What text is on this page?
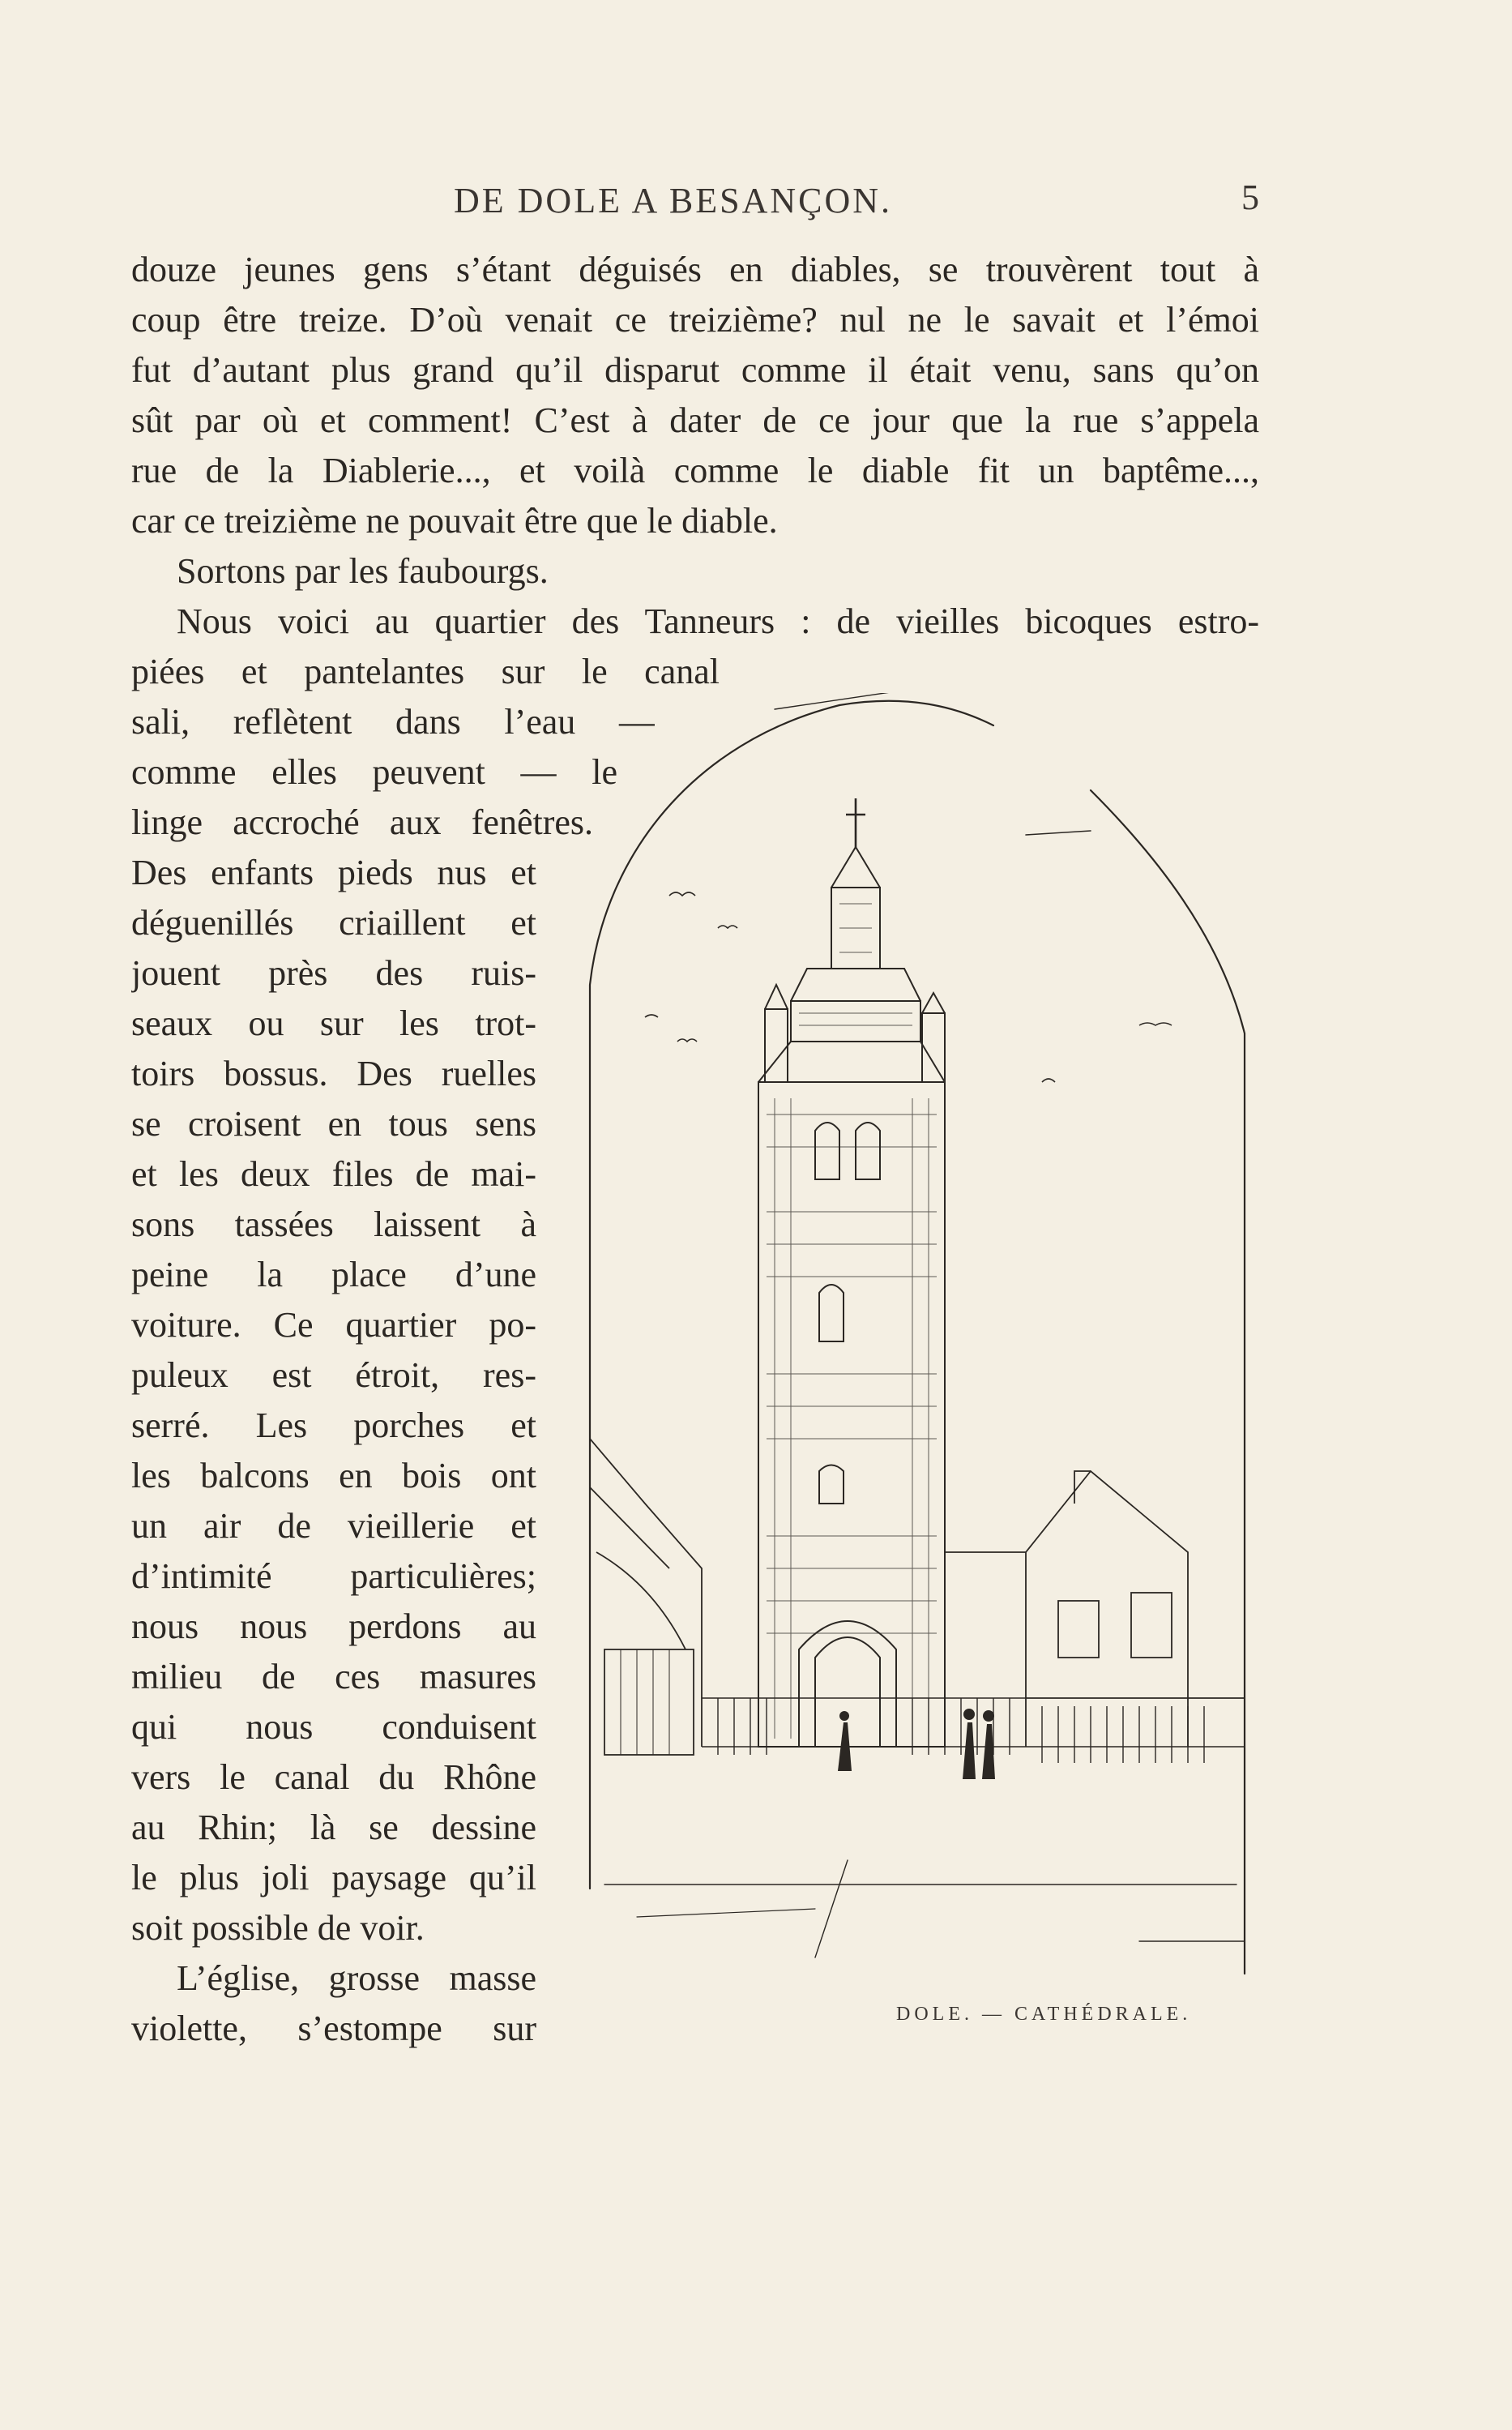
DE DOLE A BESANÇON.	5
douze jeunes gens s’étant déguisés en diables, se trouvèrent tout à
coup être treize. D’où venait ce treizième? nul ne le savait et l’émoi
fut d’autant plus grand qu’il disparut comme il était venu, sans qu’on
sût par où et comment! C’est à dater de ce jour que la rue s’appela
rue de la Diablerie..., et voilà comme le diable fit un baptême...,
car ce treizième ne pouvait être que le diable.
Sortons par les faubourgs.
Nous voici au quartier des Tanneurs : de vieilles bicoques estro-
piées et pantelantes sur le canal
sali, reflètent dans l’eau —
comme elles peuvent — le
linge accroché aux fenêtres.
Des enfants pieds nus et
déguenillés criaillent et
jouent près des ruis-
seaux ou sur les trot-
toirs bossus. Des ruelles
se croisent en tous sens
et les deux files de mai-
sons tassées laissent à
peine la place d’une
voiture. Ce quartier po-
puleux est étroit, res-
serré. Les porches et
les balcons en bois ont
un air de vieillerie et
d’intimité particulières;
nous nous perdons au
milieu de ces masures
qui nous conduisent
vers le canal du Rhône
au Rhin; là se dessine
le plus joli paysage qu’il
soit possible de voir.
L’église, grosse masse
violette, s’estompe sur	DOLE. — CATHÉDRALE.
